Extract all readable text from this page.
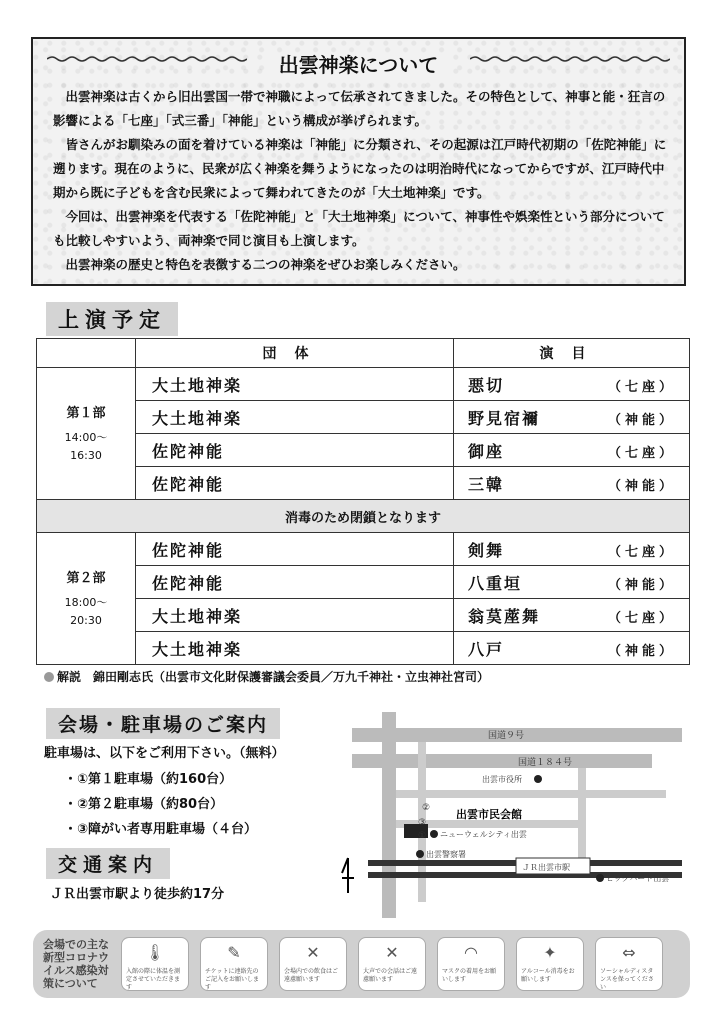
出雲神楽について

出雲神楽は古くから旧出雲国一帯で神職によって伝承されてきました。その特色として、神事と能・狂言の影響による「七座」「式三番」「神能」という構成が挙げられます。

皆さんがお馴染みの面を着けている神楽は「神能」に分類され、その起源は江戸時代初期の「佐陀神能」に遡ります。現在のように、民衆が広く神楽を舞うようになったのは明治時代になってからですが、江戸時代中期から既に子どもを含む民衆によって舞われてきたのが「大土地神楽」です。

今回は、出雲神楽を代表する「佐陀神能」と「大土地神楽」について、神事性や娯楽性という部分についても比較しやすいよう、両神楽で同じ演目も上演します。

出雲神楽の歴史と特色を表徴する二つの神楽をぜひお楽しみください。

上演予定
	団体	演目

第１部
14:00〜
16:30	大土地神楽	悪切 （七座）
	大土地神楽	野見宿禰 （神能）
	佐陀神能	御座 （七座）
	佐陀神能	三韓 （神能）
消毒のため閉鎖となります		

第２部
18:00〜
20:30	佐陀神能	剣舞 （七座）
	佐陀神能	八重垣 （神能）
	大土地神楽	翁茣蓙舞 （七座）
	大土地神楽	八戸 （神能）
解説　錦田剛志氏（出雲市文化財保護審議会委員／万九千神社・立虫神社宮司）
会場・駐車場のご案内
駐車場は、以下をご利用下さい。（無料）
・①第１駐車場（約160台）
・②第２駐車場（約80台）
・③障がい者専用駐車場（４台）
交通案内
ＪＲ出雲市駅より徒歩約17分
出雲市民会館
国道９号
国道１８４号
出雲市役所
ニューウェルシティ出雲
出雲警察署
ＪＲ出雲市駅
ビッグハート出雲
②
③
①
会場での主な新型コロナウイルス感染対策について
🌡
入館の際に体温を測定させていただきます
✎
チケットに連絡先のご記入をお願いします
✕
会場内での飲食はご遠慮願います
✕
大声での会話はご遠慮願います
◠
マスクの着用をお願いします
✦
アルコール消毒をお願いします
⇔
ソーシャルディスタンスを保ってください
